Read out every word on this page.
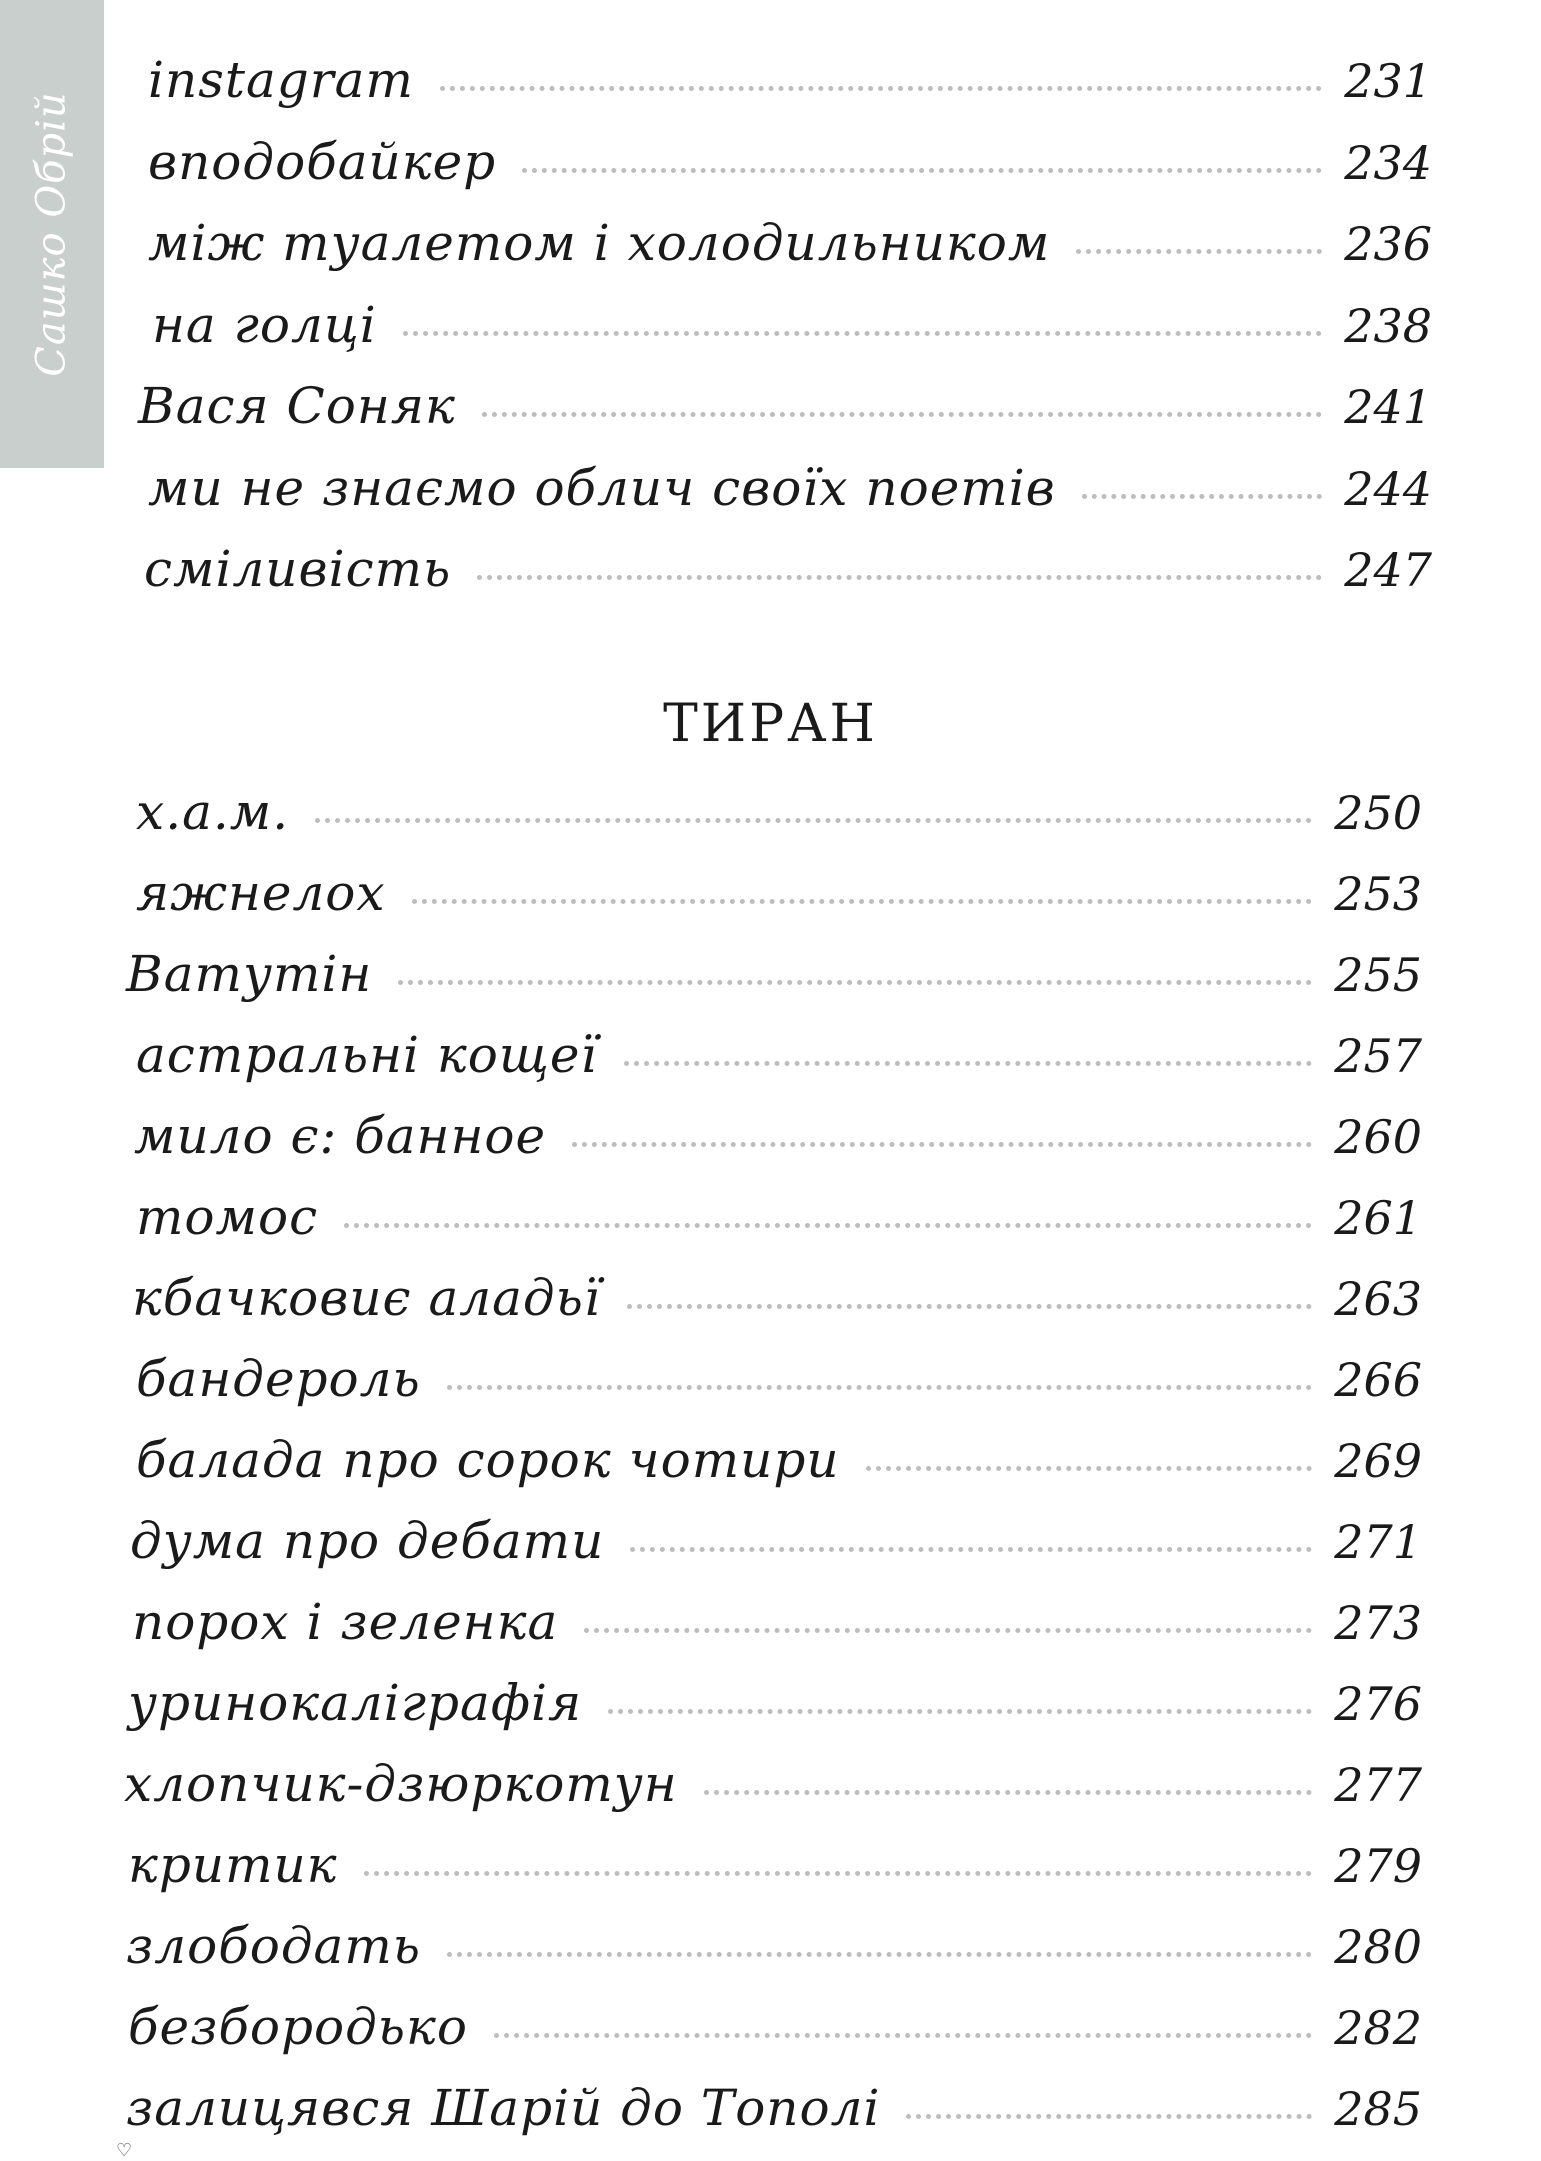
Сашко Обрій
instagram	231
вподобайкер	234
між туалетом і холодильником	236
на голці	238
Вася Соняк	241
ми не знаємо облич своїх поетів	244
сміливість	247
х.а.м.	250
яжнелох	253
Ватутін	255
астральні кощеї	257
мило є: банное	260
томос	261
кбачковиє аладьї	263
бандероль	266
балада про сорок чотири	269
дума про дебати	271
порох і зеленка	273
уринокаліграфія	276
хлопчик-дзюркотун	277
критик	279
злободать	280
безбородько	282
залицявся Шарій до Тополі	285
ТИРАН
♡
